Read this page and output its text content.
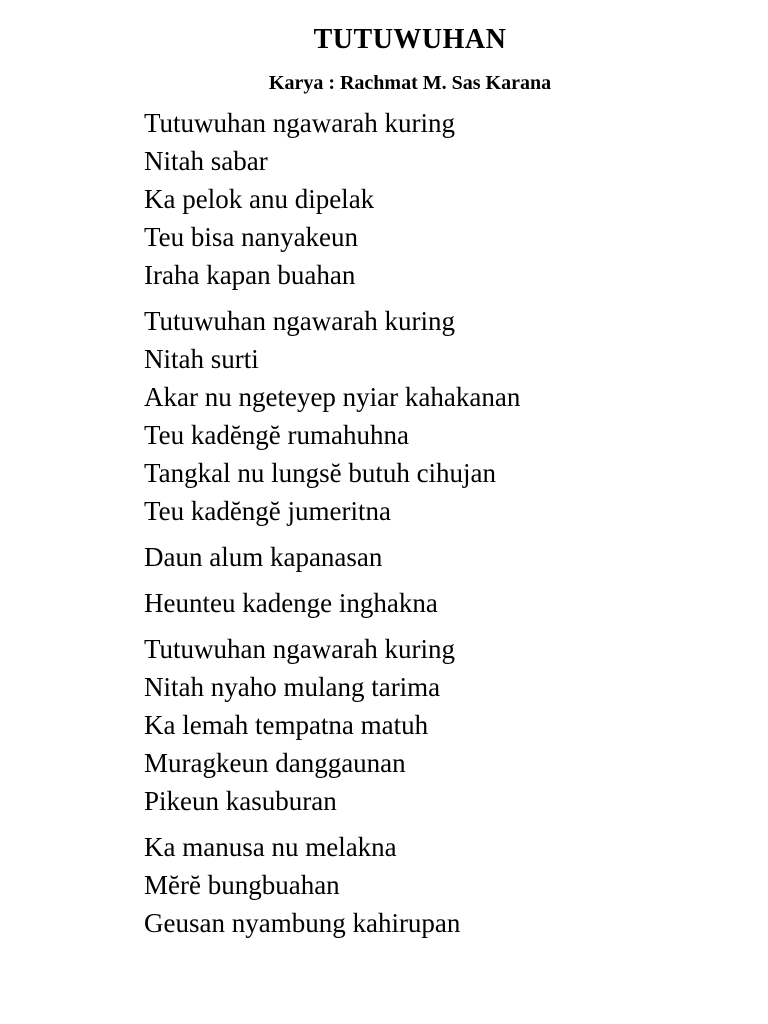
TUTUWUHAN
Karya : Rachmat M. Sas Karana
Tutuwuhan ngawarah kuring
Nitah sabar
Ka pelok anu dipelak
Teu bisa nanyakeun
Iraha kapan buahan
Tutuwuhan ngawarah kuring
Nitah surti
Akar nu ngeteyep nyiar kahakanan
Teu kadĕngĕ rumahuhna
Tangkal nu lungsĕ butuh cihujan
Teu kadĕngĕ jumeritna
Daun alum kapanasan
Heunteu kadenge inghakna
Tutuwuhan ngawarah kuring
Nitah nyaho mulang tarima
Ka lemah tempatna matuh
Muragkeun danggaunan
Pikeun kasuburan
Ka manusa nu melakna
Mĕrĕ bungbuahan
Geusan nyambung kahirupan
